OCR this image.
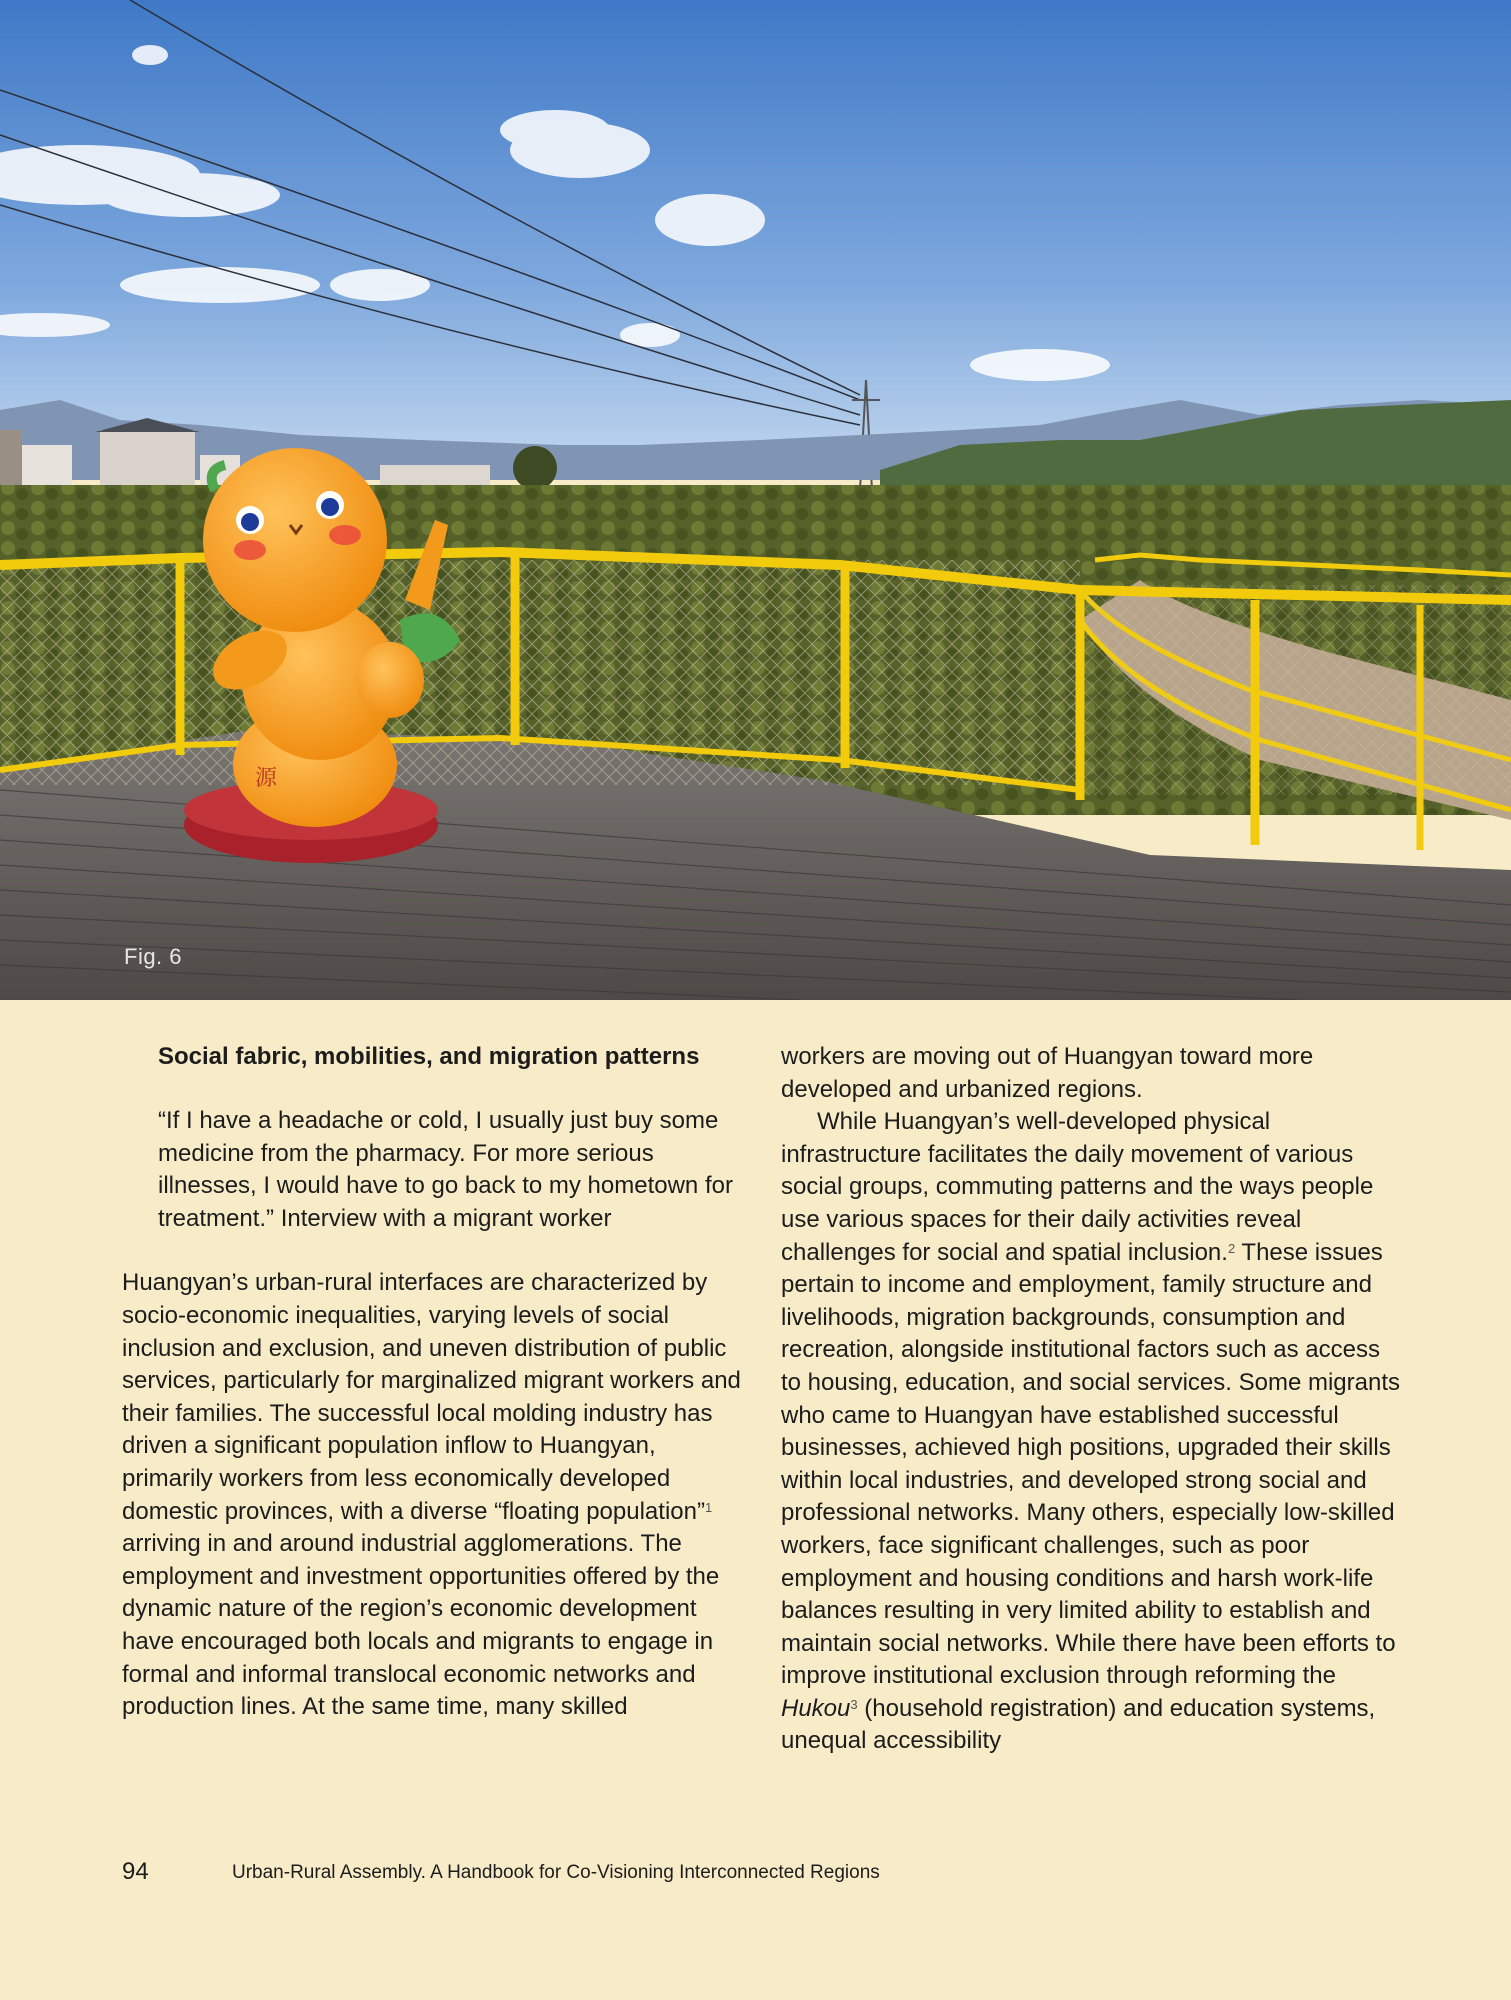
源
Fig. 6

Social fabric, mobilities, and migration patterns

“If I have a headache or cold, I usually just buy some medicine from the pharmacy. For more serious illnesses, I would have to go back to my hometown for treatment.” Interview with a migrant worker

Huangyan’s urban-rural interfaces are characterized by socio-economic inequalities, varying levels of social inclusion and exclusion, and uneven distribution of public services, particularly for marginalized migrant workers and their families. The successful local molding industry has driven a significant population inflow to Huangyan, primarily workers from less economically developed domestic provinces, with a diverse “floating population”$^1$ arriving in and around industrial agglomerations. The employment and investment opportunities offered by the dynamic nature of the region’s economic development have encouraged both locals and migrants to engage in formal and informal translocal economic networks and production lines. At the same time, many skilled

workers are moving out of Huangyan toward more developed and urbanized regions.

While Huangyan’s well-developed physical infrastructure facilitates the daily movement of various social groups, commuting patterns and the ways people use various spaces for their daily activities reveal challenges for social and spatial inclusion.$^2$ These issues pertain to income and employment, family structure and livelihoods, migration backgrounds, consumption and recreation, alongside institutional factors such as access to housing, education, and social services. Some migrants who came to Huangyan have established successful businesses, achieved high positions, upgraded their skills within local industries, and developed strong social and professional networks. Many others, especially low-skilled workers, face significant challenges, such as poor employment and housing conditions and harsh work-life balances resulting in very limited ability to establish and maintain social networks. While there have been efforts to improve institutional exclusion through reforming the Hukou$^3$ (household registration) and education systems, unequal accessibility

94	Urban-Rural Assembly. A Handbook for Co-Visioning Interconnected Regions
